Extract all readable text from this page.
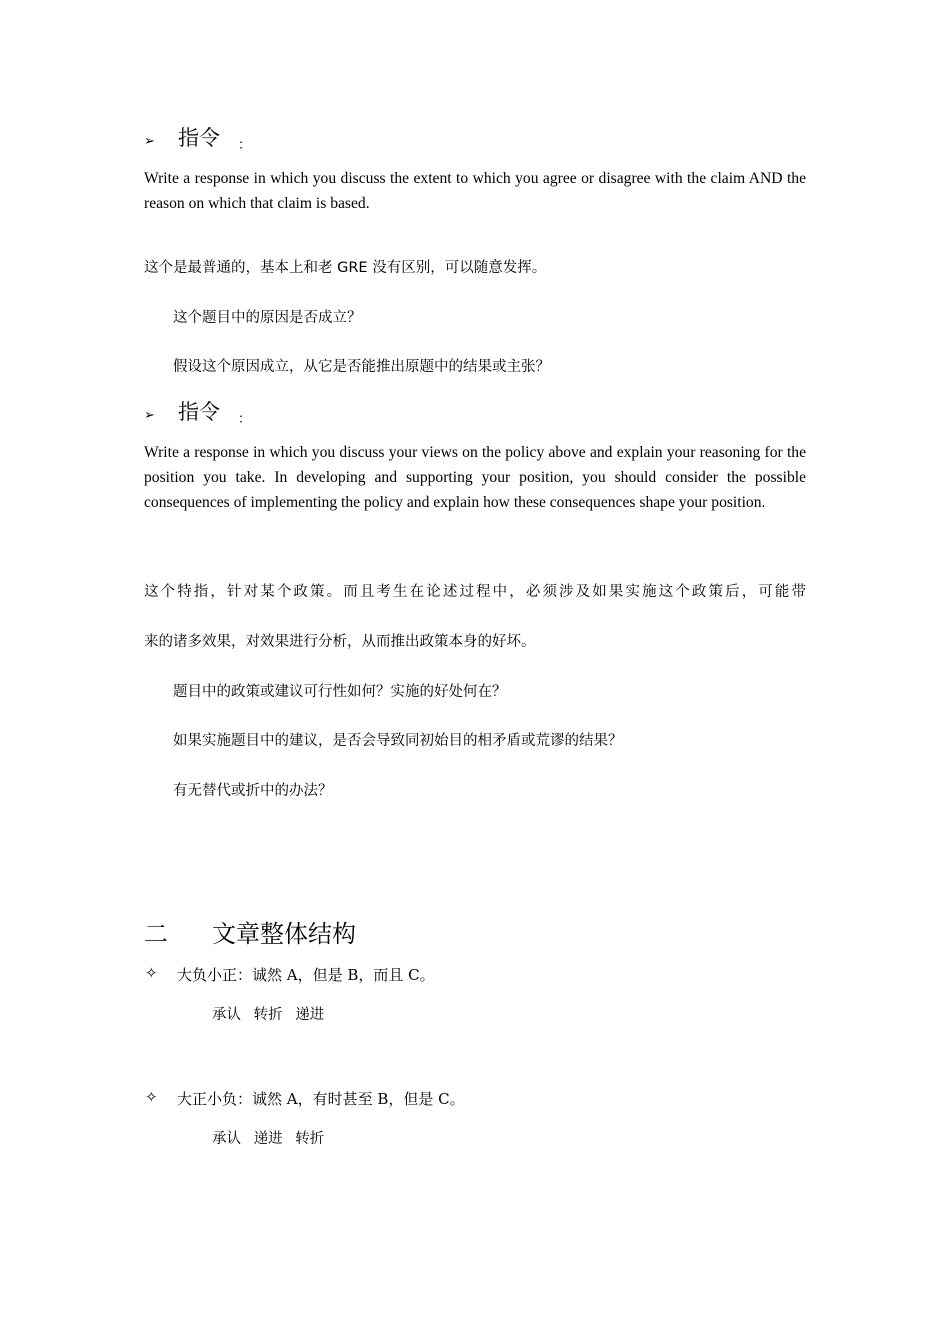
➢ 指令 ：

Write a response in which you discuss the extent to which you agree or disagree with the claim AND the reason on which that claim is based.

这个是最普通的，基本上和老 GRE 没有区别，可以随意发挥。
这个题目中的原因是否成立？
假设这个原因成立，从它是否能推出原题中的结果或主张？
➢ 指令 ：

Write a response in which you discuss your views on the policy above and explain your reasoning for the position you take. In developing and supporting your position, you should consider the possible consequences of implementing the policy and explain how these consequences shape your position.

这个特指，针对某个政策。而且考生在论述过程中，必须涉及如果实施这个政策后，可能带
来的诸多效果，对效果进行分析，从而推出政策本身的好坏。
题目中的政策或建议可行性如何？实施的好处何在？
如果实施题目中的建议，是否会导致同初始目的相矛盾或荒谬的结果？
有无替代或折中的办法？
二 文章整体结构
✧ 大负小正：诚然 A，但是 B，而且 C。
承认 转折 递进
✧ 大正小负：诚然 A，有时甚至 B，但是 C。
承认 递进 转折
